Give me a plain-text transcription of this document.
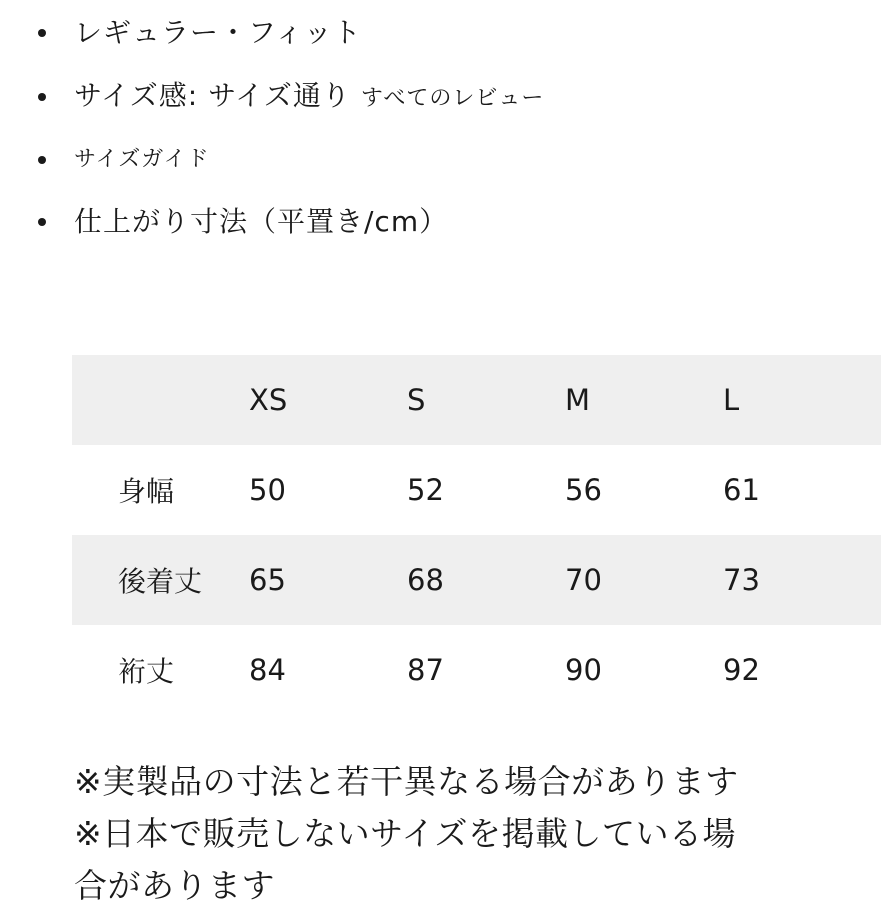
レギュラー・フィット
サイズ感: サイズ通り すべてのレビュー
サイズガイド
仕上がり寸法（平置き/cm）
	XS	S	M	L
身幅	50	52	56	61
後着丈	65	68	70	73
裄丈	84	87	90	92
※実製品の寸法と若干異なる場合があります
※日本で販売しないサイズを掲載している場
合があります
